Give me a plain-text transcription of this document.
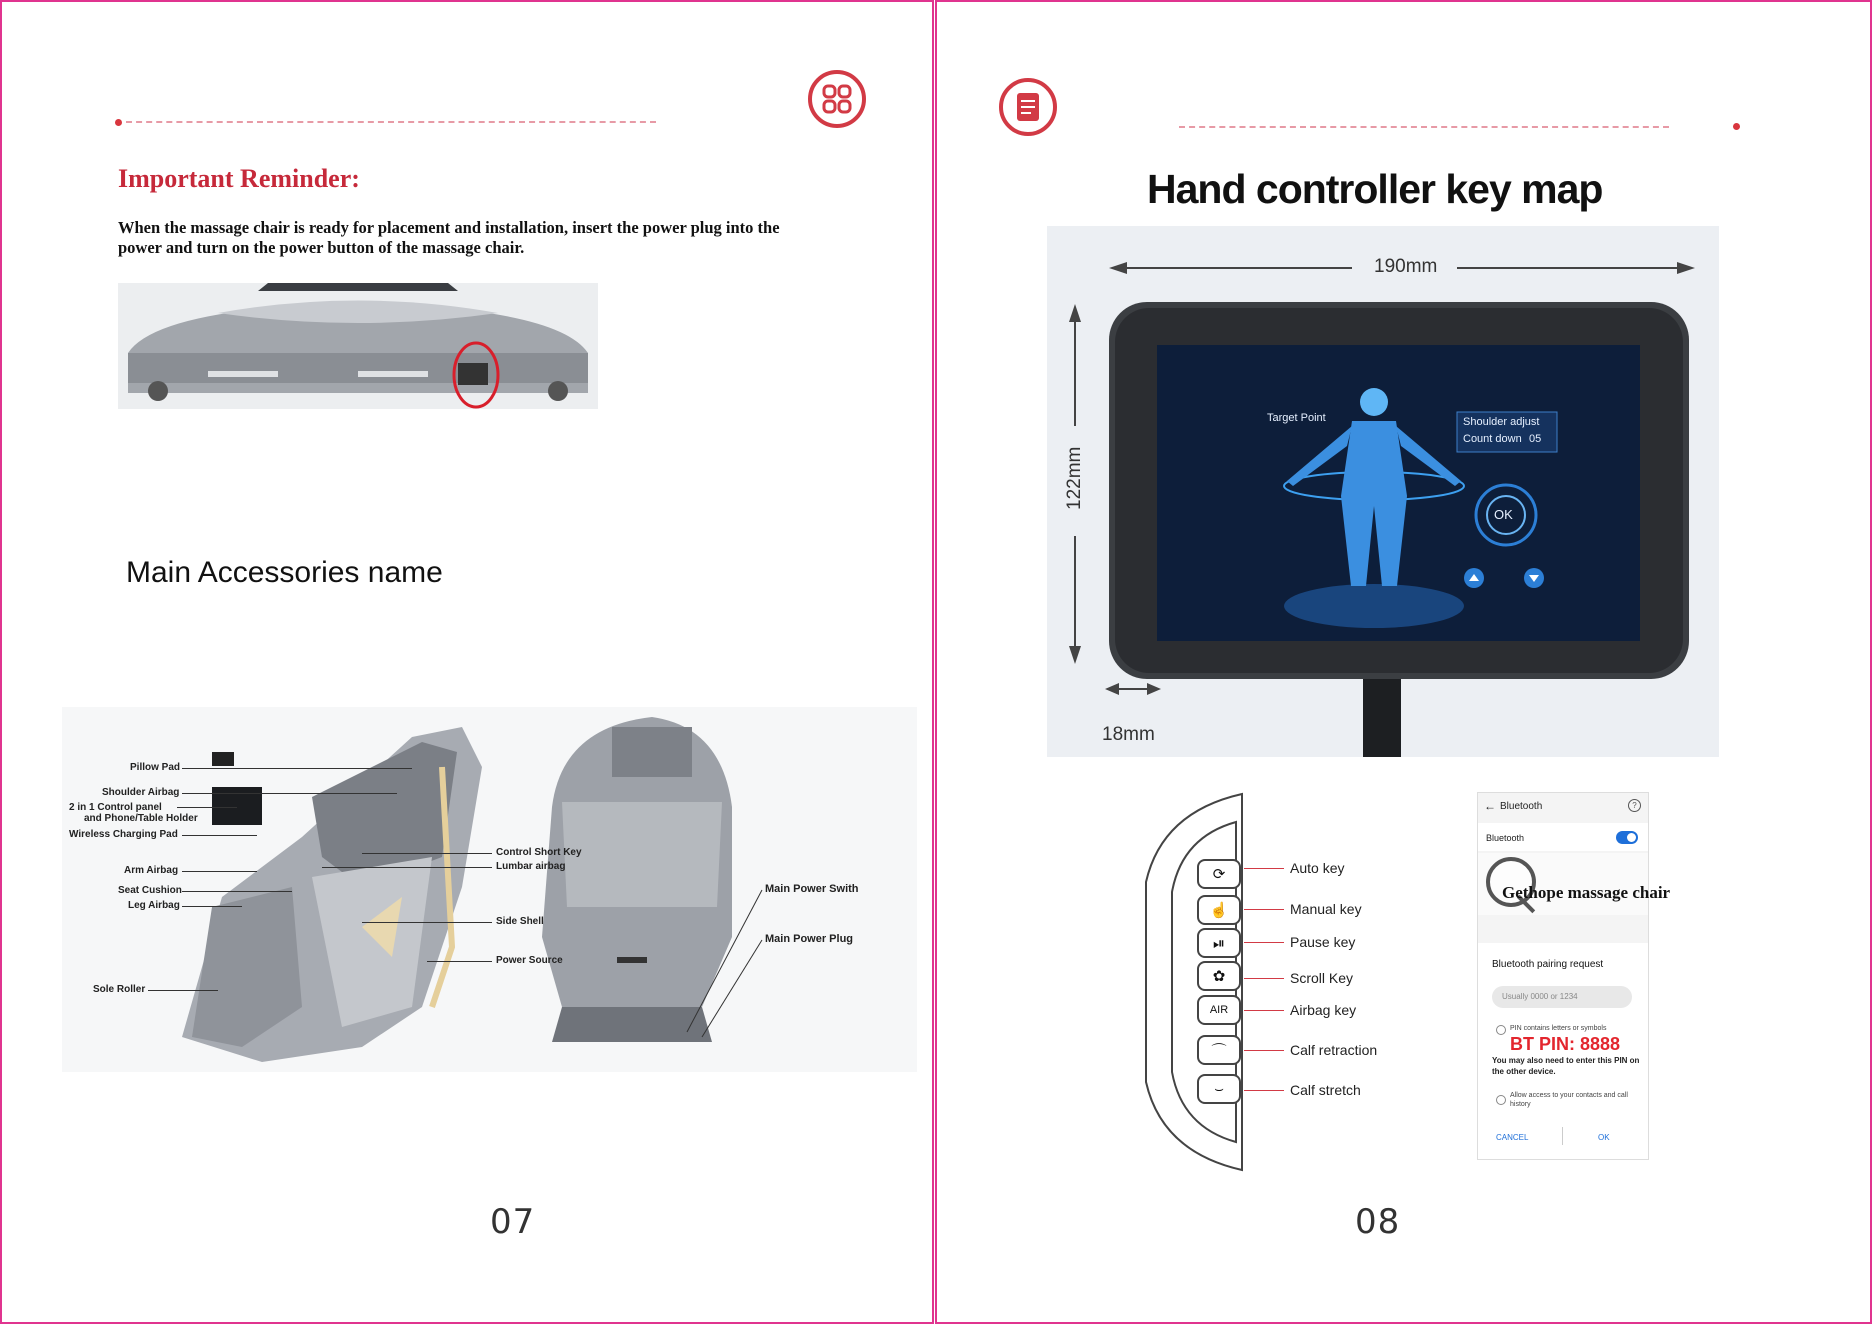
Important Reminder:
When the massage chair is ready for placement and installation, insert the power plug into the power and turn on the power button of the massage chair.
Main Accessories name
Pillow Pad
Shoulder Airbag
2 in 1 Control panel
and Phone/Table Holder
Wireless Charging Pad
Arm Airbag
Seat Cushion
Leg Airbag
Sole Roller
Control Short Key
Lumbar airbag
Side Shell
Power Source
Main Power Swith
Main Power Plug
07
Hand controller key map
190mm
122mm
18mm
Target Point	Shoulder adjust
Count down 05
OK
⟳
☝
⏯
✿
AIR
⌒
⌣
Auto key
Manual key
Pause key
Scroll Key
Airbag key
Calf retraction
Calf stretch
← Bluetooth	?
Bluetooth
Gethope massage chair
Bluetooth pairing request
Usually 0000 or 1234
PIN contains letters or symbols
BT PIN: 8888
You may also need to enter this PIN on the other device.
Allow access to your contacts and call history
CANCEL	OK
08
